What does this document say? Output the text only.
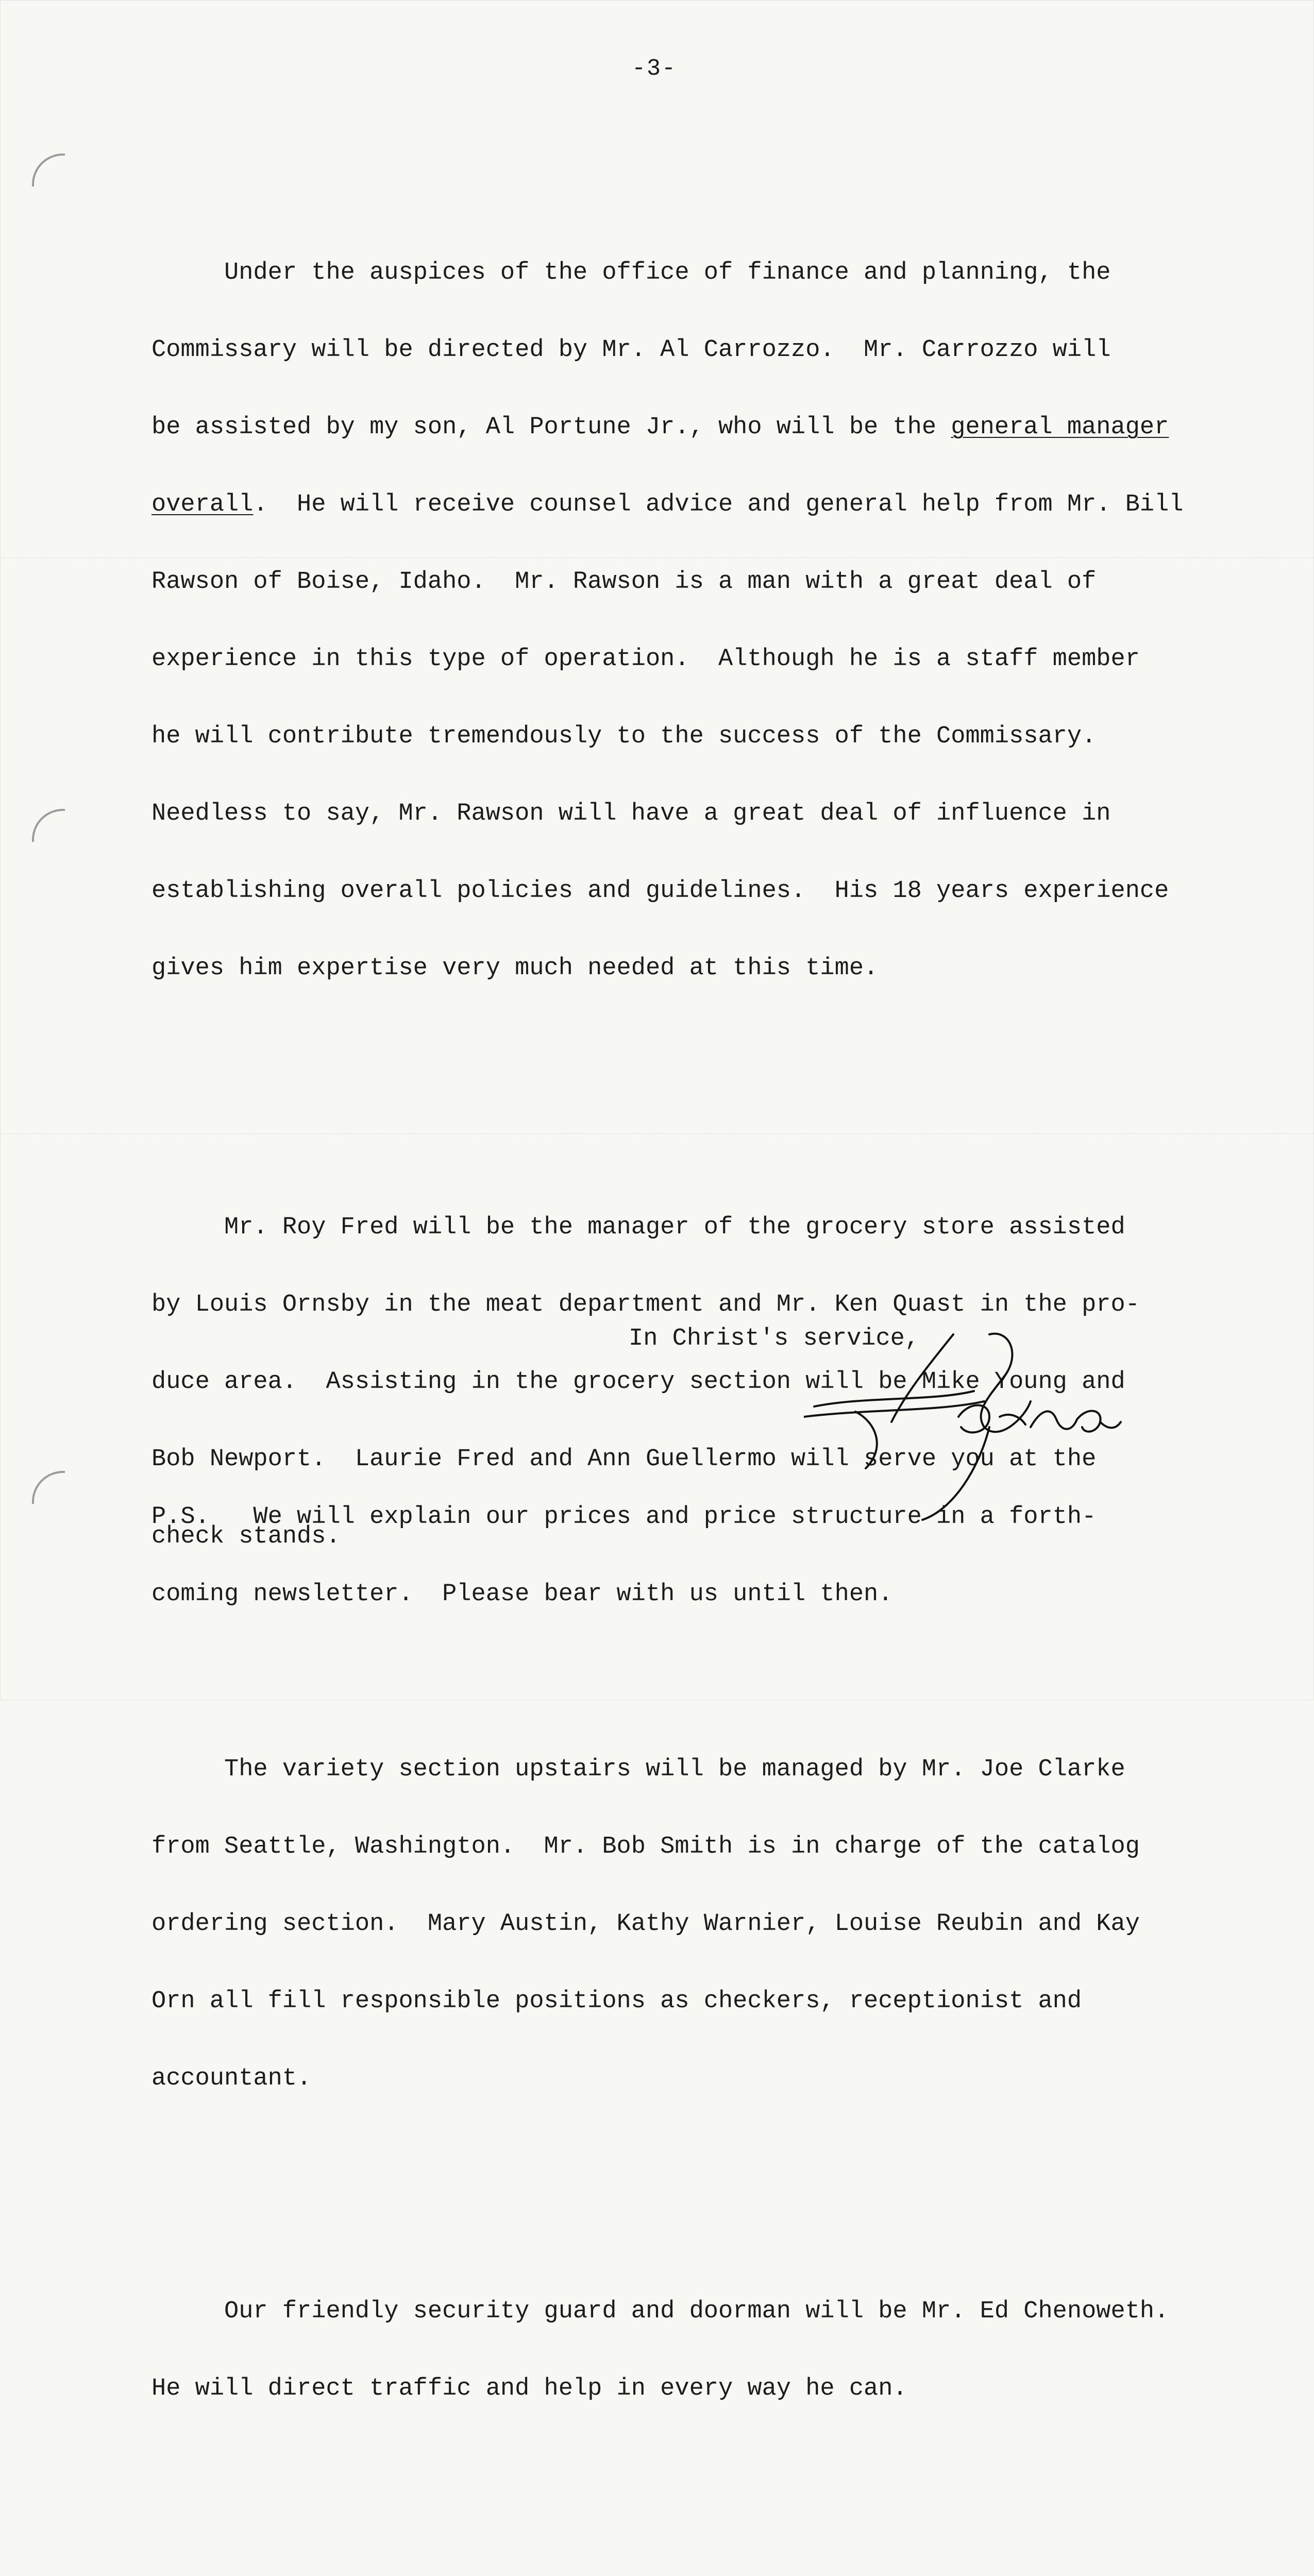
-3-

Under the auspices of the office of finance and planning, the

Commissary will be directed by Mr. Al Carrozzo.  Mr. Carrozzo will

be assisted by my son, Al Portune Jr., who will be the general manager

overall.  He will receive counsel advice and general help from Mr. Bill

Rawson of Boise, Idaho.  Mr. Rawson is a man with a great deal of

experience in this type of operation.  Although he is a staff member

he will contribute tremendously to the success of the Commissary.

Needless to say, Mr. Rawson will have a great deal of influence in

establishing overall policies and guidelines.  His 18 years experience

gives him expertise very much needed at this time.

Mr. Roy Fred will be the manager of the grocery store assisted

by Louis Ornsby in the meat department and Mr. Ken Quast in the pro-

duce area.  Assisting in the grocery section will be Mike Young and

Bob Newport.  Laurie Fred and Ann Guellermo will serve you at the

check stands.

The variety section upstairs will be managed by Mr. Joe Clarke

from Seattle, Washington.  Mr. Bob Smith is in charge of the catalog

ordering section.  Mary Austin, Kathy Warnier, Louise Reubin and Kay

Orn all fill responsible positions as checkers, receptionist and

accountant.

Our friendly security guard and doorman will be Mr. Ed Chenoweth.

He will direct traffic and help in every way he can.

In Christ's service,

P.S.   We will explain our prices and price structure in a forth-

coming newsletter.  Please bear with us until then.
